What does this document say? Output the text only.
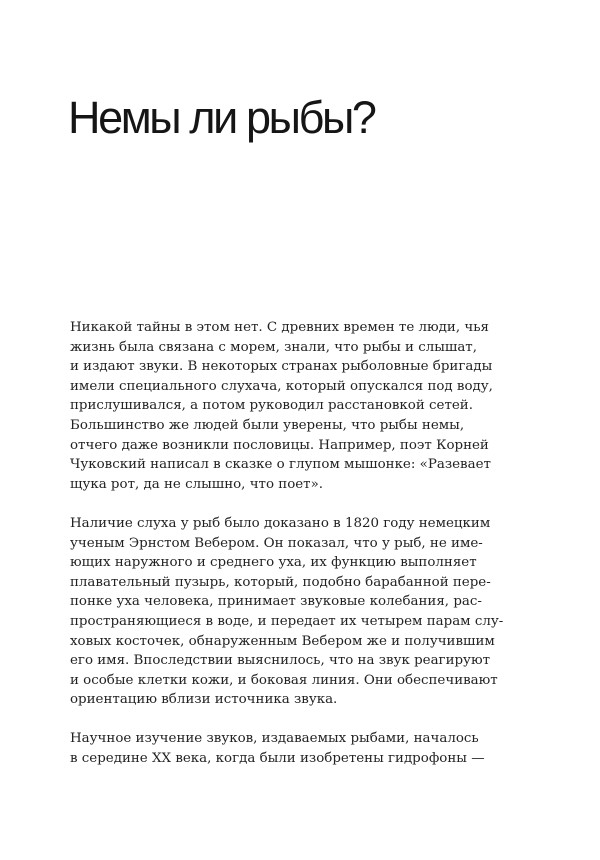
Немы ли рыбы?

Никакой тайны в этом нет. С древних времен те люди, чья
жизнь была связана с морем, знали, что рыбы и слышат,
и издают звуки. В некоторых странах рыболовные бригады
имели специального слухача, который опускался под воду,
прислушивался, а потом руководил расстановкой сетей.
Большинство же людей были уверены, что рыбы немы,
отчего даже возникли пословицы. Например, поэт Корней
Чуковский написал в сказке о глупом мышонке: «Разевает
щука рот, да не слышно, что поет».

Наличие слуха у рыб было доказано в 1820 году немецким
ученым Эрнстом Вебером. Он показал, что у рыб, не име-
ющих наружного и среднего уха, их функцию выполняет
плавательный пузырь, который, подобно барабанной пере-
понке уха человека, принимает звуковые колебания, рас-
пространяющиеся в воде, и передает их четырем парам слу-
ховых косточек, обнаруженным Вебером же и получившим
его имя. Впоследствии выяснилось, что на звук реагируют
и особые клетки кожи, и боковая линия. Они обеспечивают
ориентацию вблизи источника звука.

Научное изучение звуков, издаваемых рыбами, началось
в середине XX века, когда были изобретены гидрофоны —
